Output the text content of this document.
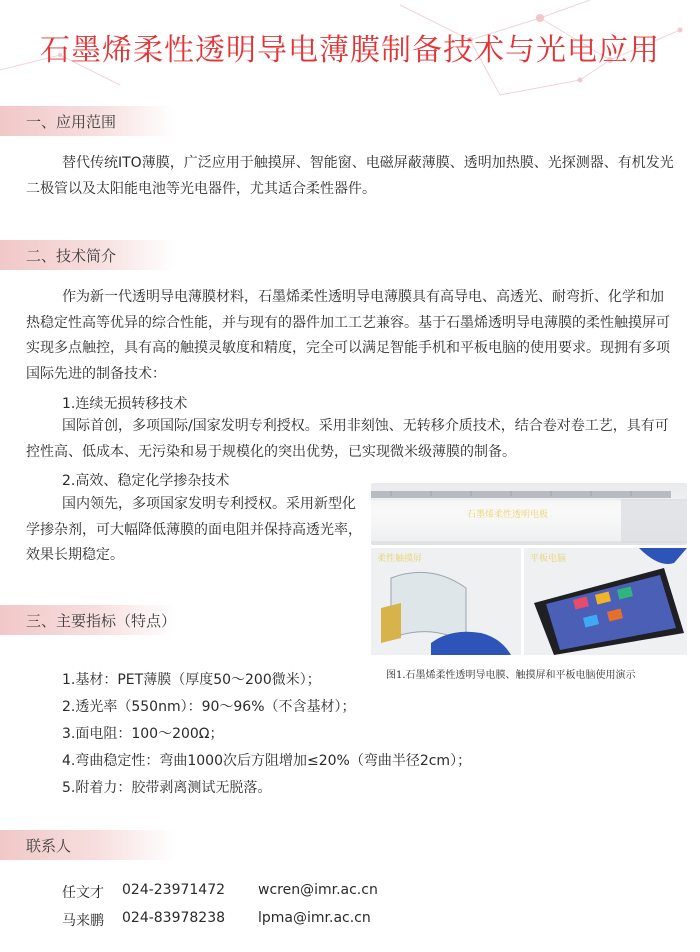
石墨烯柔性透明导电薄膜制备技术与光电应用
一、应用范围
替代传统ITO薄膜，广泛应用于触摸屏、智能窗、电磁屏蔽薄膜、透明加热膜、光探测器、有机发光二极管以及太阳能电池等光电器件，尤其适合柔性器件。
二、技术简介
作为新一代透明导电薄膜材料，石墨烯柔性透明导电薄膜具有高导电、高透光、耐弯折、化学和加热稳定性高等优异的综合性能，并与现有的器件加工工艺兼容。基于石墨烯透明导电薄膜的柔性触摸屏可实现多点触控，具有高的触摸灵敏度和精度，完全可以满足智能手机和平板电脑的使用要求。现拥有多项国际先进的制备技术：
1.连续无损转移技术
国际首创，多项国际/国家发明专利授权。采用非刻蚀、无转移介质技术，结合卷对卷工艺，具有可控性高、低成本、无污染和易于规模化的突出优势，已实现微米级薄膜的制备。
2.高效、稳定化学掺杂技术
国内领先，多项国家发明专利授权。采用新型化学掺杂剂，可大幅降低薄膜的面电阻并保持高透光率，效果长期稳定。
石墨烯柔性透明电极
柔性触摸屏	平板电脑
图1.石墨烯柔性透明导电膜、触摸屏和平板电脑使用演示
三、主要指标（特点）
1.基材：PET薄膜（厚度50～200微米）；
2.透光率（550nm）：90～96%（不含基材）；
3.面电阻：100～200Ω；
4.弯曲稳定性：弯曲1000次后方阻增加≤20%（弯曲半径2cm）；
5.附着力：胶带剥离测试无脱落。
联系人
任文才 024-23971472 wcren@imr.ac.cn
马来鹏 024-83978238 lpma@imr.ac.cn
